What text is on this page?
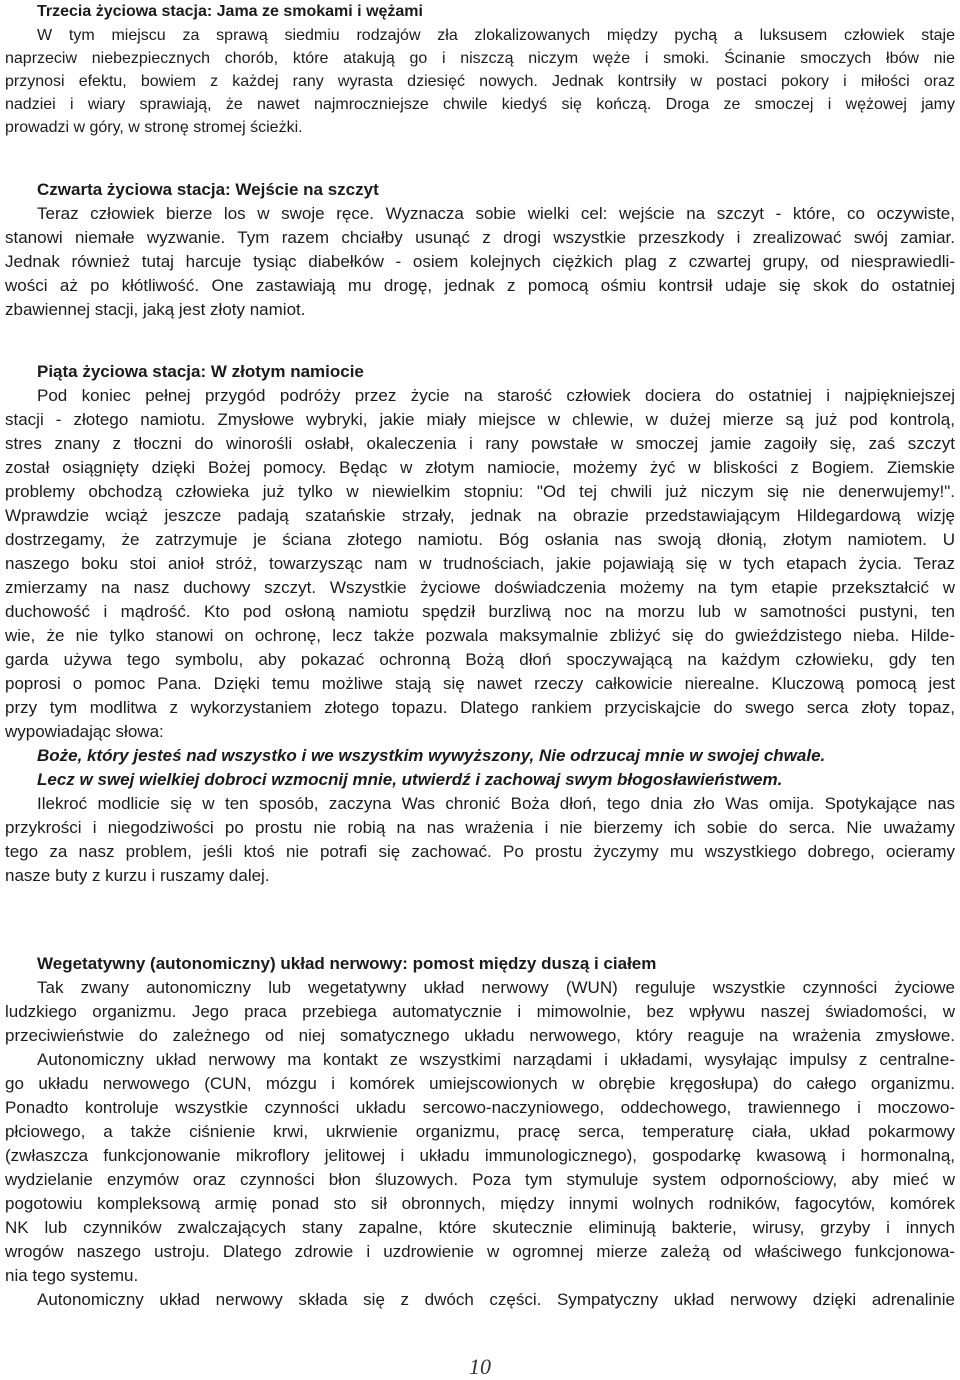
Trzecia życiowa stacja: Jama ze smokami i wężami
W tym miejscu za sprawą siedmiu rodzajów zła zlokalizowanych między pychą a luksusem człowiek staje
naprzeciw niebezpiecznych chorób, które atakują go i niszczą niczym węże i smoki. Ścinanie smoczych łbów nie
przynosi efektu, bowiem z każdej rany wyrasta dziesięć nowych. Jednak kontrsiły w postaci pokory i miłości oraz
nadziei i wiary sprawiają, że nawet najmroczniejsze chwile kiedyś się kończą. Droga ze smoczej i wężowej jamy
prowadzi w góry, w stronę stromej ścieżki.
Czwarta życiowa stacja: Wejście na szczyt
Teraz człowiek bierze los w swoje ręce. Wyznacza sobie wielki cel: wejście na szczyt - które, co oczywiste,
stanowi niemałe wyzwanie. Tym razem chciałby usunąć z drogi wszystkie przeszkody i zrealizować swój zamiar.
Jednak również tutaj harcuje tysiąc diabełków - osiem kolejnych ciężkich plag z czwartej grupy, od niesprawiedli-
wości aż po kłótliwość. One zastawiają mu drogę, jednak z pomocą ośmiu kontrsił udaje się skok do ostatniej
zbawiennej stacji, jaką jest złoty namiot.
Piąta życiowa stacja: W złotym namiocie
Pod koniec pełnej przygód podróży przez życie na starość człowiek dociera do ostatniej i najpiękniejszej
stacji - złotego namiotu. Zmysłowe wybryki, jakie miały miejsce w chlewie, w dużej mierze są już pod kontrolą,
stres znany z tłoczni do winorośli osłabł, okaleczenia i rany powstałe w smoczej jamie zagoiły się, zaś szczyt
został osiągnięty dzięki Bożej pomocy. Będąc w złotym namiocie, możemy żyć w bliskości z Bogiem. Ziemskie
problemy obchodzą człowieka już tylko w niewielkim stopniu: "Od tej chwili już niczym się nie denerwujemy!".
Wprawdzie wciąż jeszcze padają szatańskie strzały, jednak na obrazie przedstawiającym Hildegardową wizję
dostrzegamy, że zatrzymuje je ściana złotego namiotu. Bóg osłania nas swoją dłonią, złotym namiotem. U
naszego boku stoi anioł stróż, towarzysząc nam w trudnościach, jakie pojawiają się w tych etapach życia. Teraz
zmierzamy na nasz duchowy szczyt. Wszystkie życiowe doświadczenia możemy na tym etapie przekształcić w
duchowość i mądrość. Kto pod osłoną namiotu spędził burzliwą noc na morzu lub w samotności pustyni, ten
wie, że nie tylko stanowi on ochronę, lecz także pozwala maksymalnie zbliżyć się do gwieździstego nieba. Hilde-
garda używa tego symbolu, aby pokazać ochronną Bożą dłoń spoczywającą na każdym człowieku, gdy ten
poprosi o pomoc Pana. Dzięki temu możliwe stają się nawet rzeczy całkowicie nierealne. Kluczową pomocą jest
przy tym modlitwa z wykorzystaniem złotego topazu. Dlatego rankiem przyciskajcie do swego serca złoty topaz,
wypowiadając słowa:
Boże, który jesteś nad wszystko i we wszystkim wywyższony, Nie odrzucaj mnie w swojej chwale.
Lecz w swej wielkiej dobroci wzmocnij mnie, utwierdź i zachowaj swym błogosławieństwem.
Ilekroć modlicie się w ten sposób, zaczyna Was chronić Boża dłoń, tego dnia zło Was omija. Spotykające nas
przykrości i niegodziwości po prostu nie robią na nas wrażenia i nie bierzemy ich sobie do serca. Nie uważamy
tego za nasz problem, jeśli ktoś nie potrafi się zachować. Po prostu życzymy mu wszystkiego dobrego, ocieramy
nasze buty z kurzu i ruszamy dalej.
Wegetatywny (autonomiczny) układ nerwowy: pomost między duszą i ciałem
Tak zwany autonomiczny lub wegetatywny układ nerwowy (WUN) reguluje wszystkie czynności życiowe
ludzkiego organizmu. Jego praca przebiega automatycznie i mimowolnie, bez wpływu naszej świadomości, w
przeciwieństwie do zależnego od niej somatycznego układu nerwowego, który reaguje na wrażenia zmysłowe.
Autonomiczny układ nerwowy ma kontakt ze wszystkimi narządami i układami, wysyłając impulsy z centralne-
go układu nerwowego (CUN, mózgu i komórek umiejscowionych w obrębie kręgosłupa) do całego organizmu.
Ponadto kontroluje wszystkie czynności układu sercowo-naczyniowego, oddechowego, trawiennego i moczowo-
płciowego, a także ciśnienie krwi, ukrwienie organizmu, pracę serca, temperaturę ciała, układ pokarmowy
(zwłaszcza funkcjonowanie mikroflory jelitowej i układu immunologicznego), gospodarkę kwasową i hormonalną,
wydzielanie enzymów oraz czynności błon śluzowych. Poza tym stymuluje system odpornościowy, aby mieć w
pogotowiu kompleksową armię ponad sto sił obronnych, między innymi wolnych rodników, fagocytów, komórek
NK lub czynników zwalczających stany zapalne, które skutecznie eliminują bakterie, wirusy, grzyby i innych
wrogów naszego ustroju. Dlatego zdrowie i uzdrowienie w ogromnej mierze zależą od właściwego funkcjonowa-
nia tego systemu.
Autonomiczny układ nerwowy składa się z dwóch części. Sympatyczny układ nerwowy dzięki adrenalinie
10
